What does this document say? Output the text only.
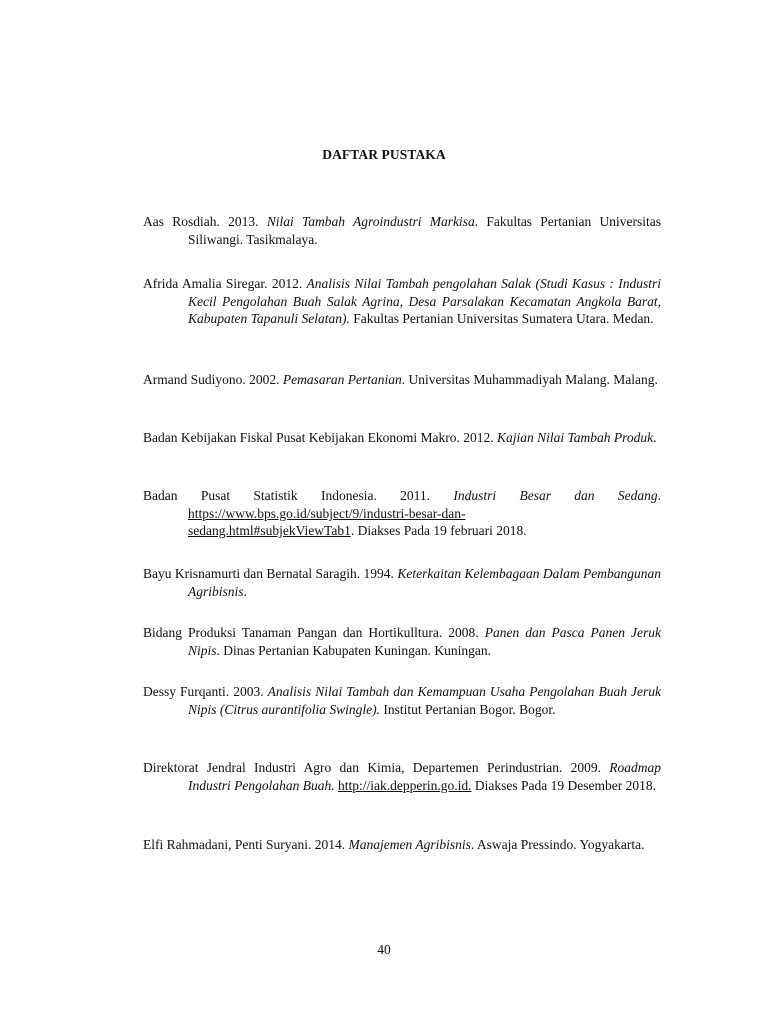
DAFTAR PUSTAKA
Aas Rosdiah. 2013. Nilai Tambah Agroindustri Markisa. Fakultas Pertanian Universitas Siliwangi. Tasikmalaya.
Afrida Amalia Siregar. 2012. Analisis Nilai Tambah pengolahan Salak (Studi Kasus : Industri Kecil Pengolahan Buah Salak Agrina, Desa Parsalakan Kecamatan Angkola Barat, Kabupaten Tapanuli Selatan). Fakultas Pertanian Universitas Sumatera Utara. Medan.
Armand Sudiyono. 2002. Pemasaran Pertanian. Universitas Muhammadiyah Malang. Malang.
Badan Kebijakan Fiskal Pusat Kebijakan Ekonomi Makro. 2012. Kajian Nilai Tambah Produk.
Badan Pusat Statistik Indonesia. 2011. Industri Besar dan Sedang. https://www.bps.go.id/subject/9/industri-besar-dan-
sedang.html#subjekViewTab1. Diakses Pada 19 februari 2018.
Bayu Krisnamurti dan Bernatal Saragih. 1994. Keterkaitan Kelembagaan Dalam Pembangunan Agribisnis.
Bidang Produksi Tanaman Pangan dan Hortikulltura. 2008. Panen dan Pasca Panen Jeruk Nipis. Dinas Pertanian Kabupaten Kuningan. Kuningan.
Dessy Furqanti. 2003. Analisis Nilai Tambah dan Kemampuan Usaha Pengolahan Buah Jeruk Nipis (Citrus aurantifolia Swingle). Institut Pertanian Bogor. Bogor.
Direktorat Jendral Industri Agro dan Kimia, Departemen Perindustrian. 2009. Roadmap Industri Pengolahan Buah. http://iak.depperin.go.id. Diakses Pada 19 Desember 2018.
Elfi Rahmadani, Penti Suryani. 2014. Manajemen Agribisnis. Aswaja Pressindo. Yogyakarta.
40
